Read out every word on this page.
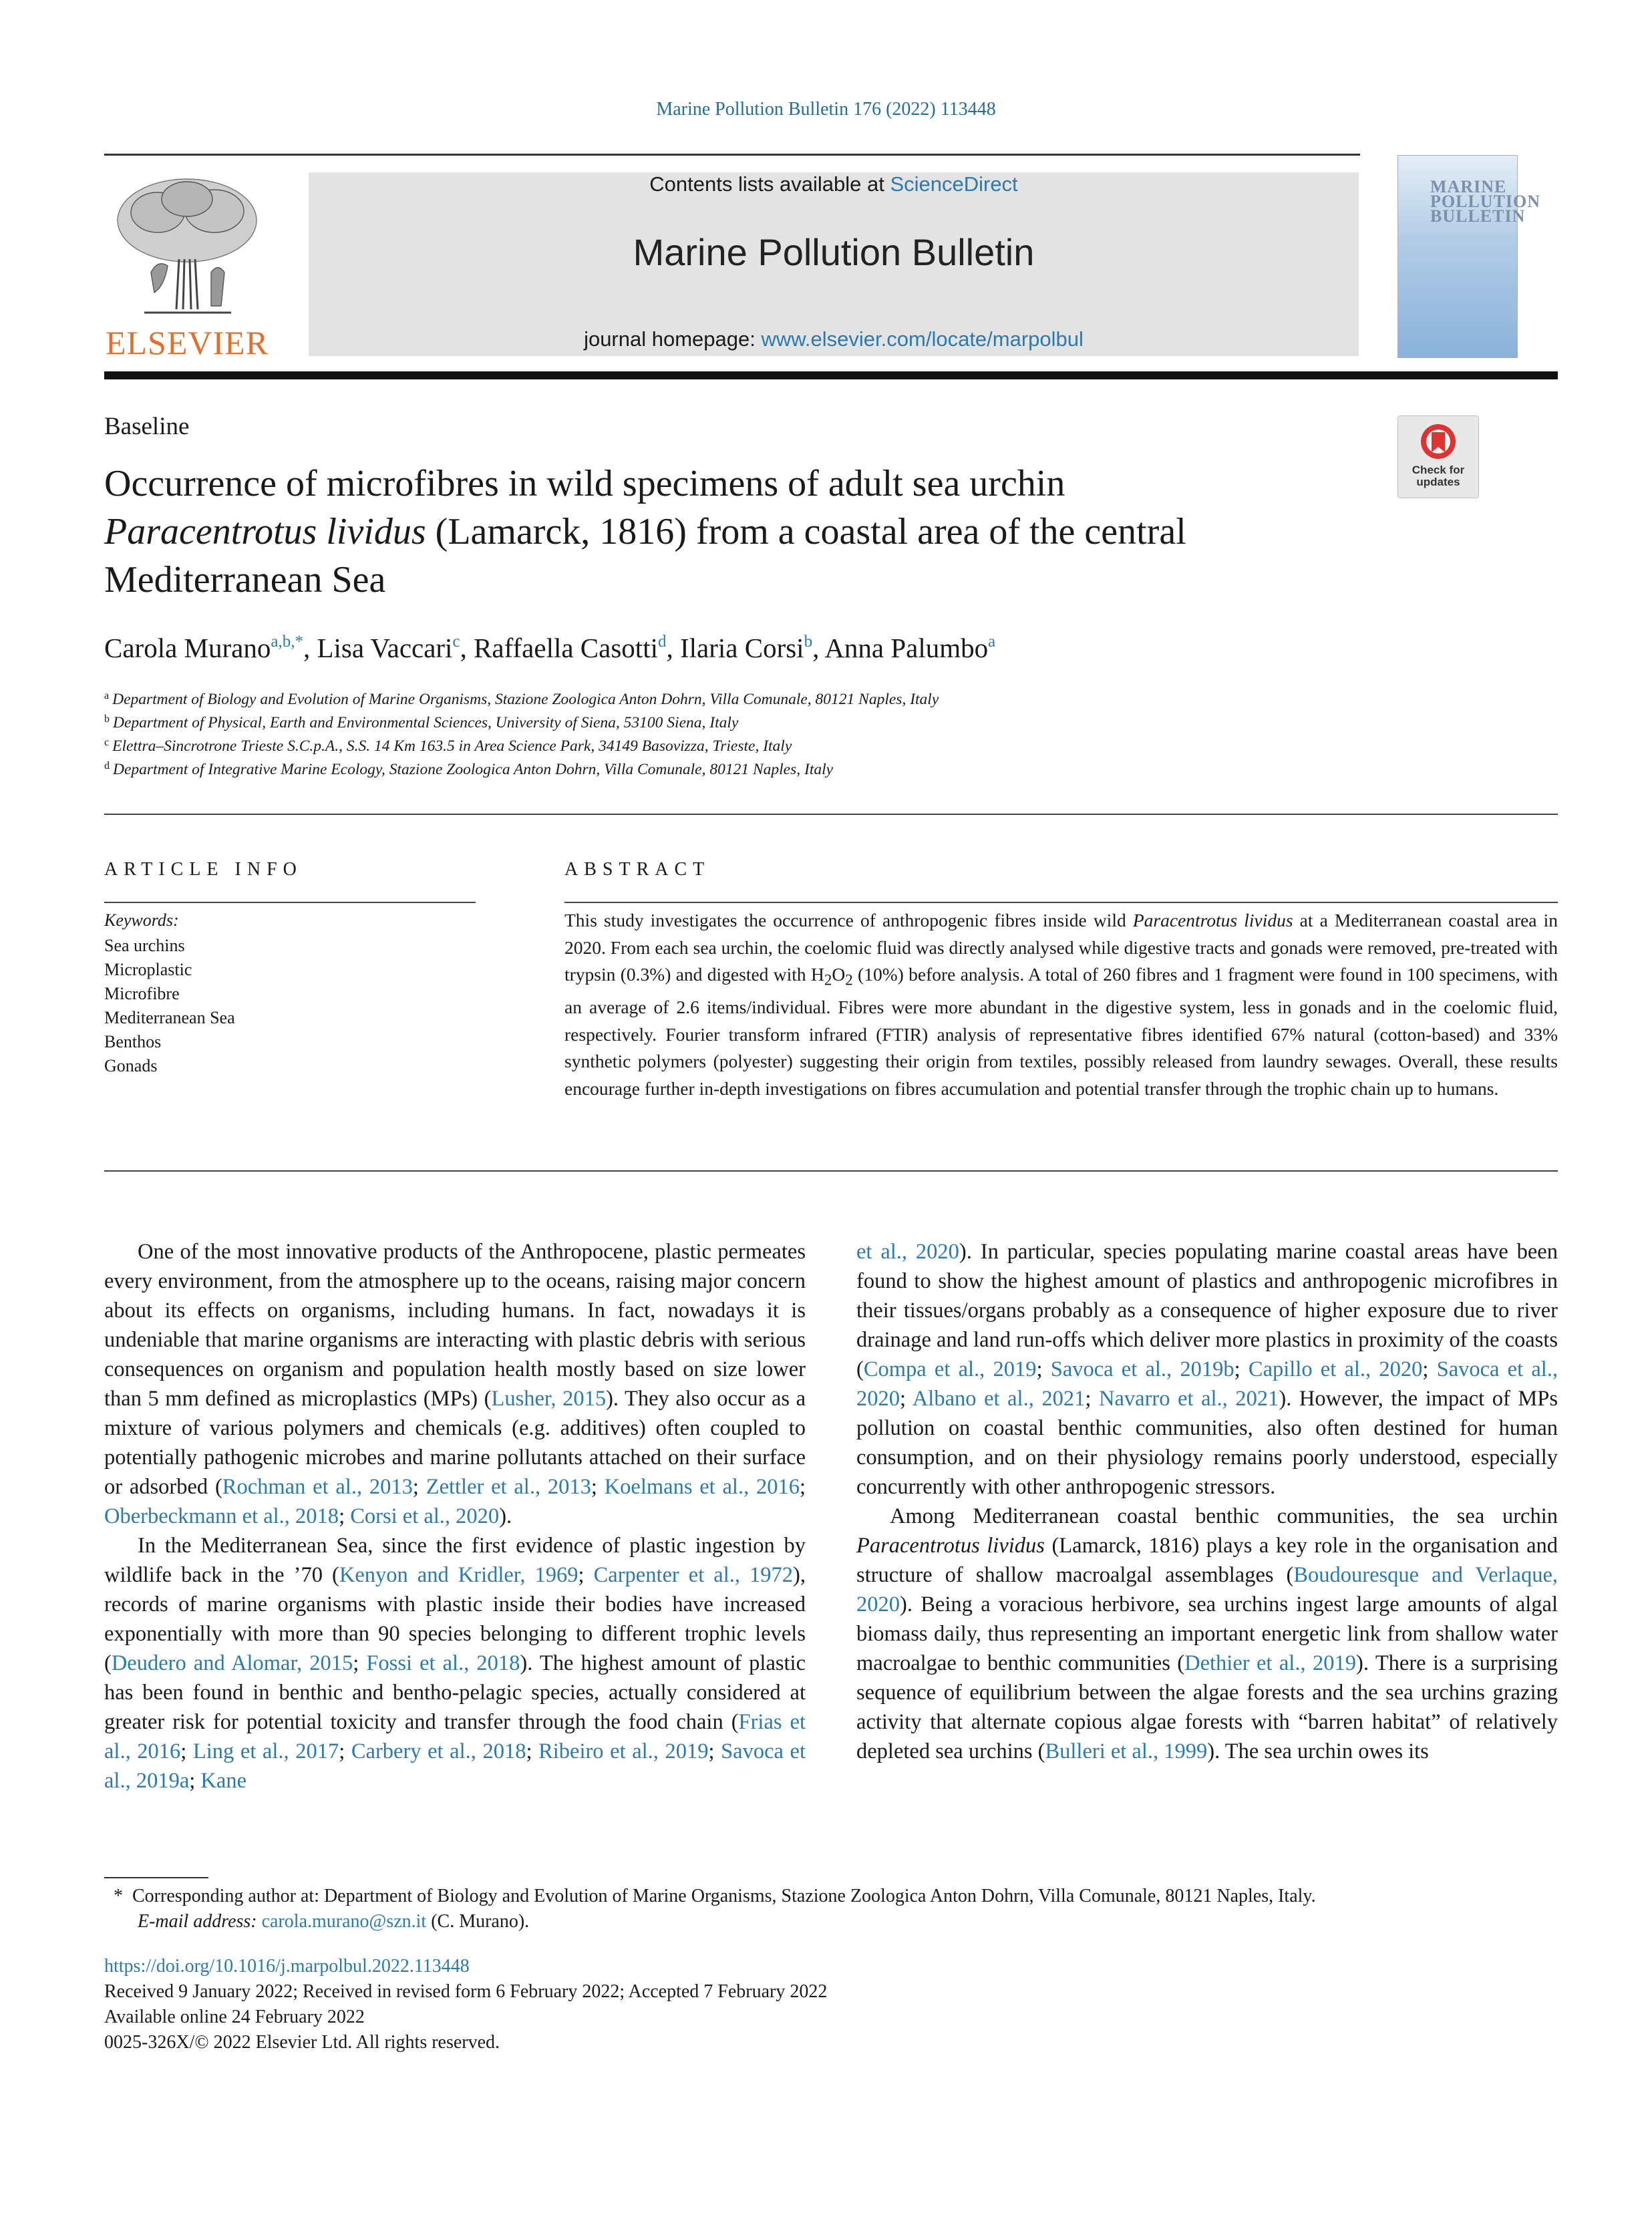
Marine Pollution Bulletin 176 (2022) 113448
ELSEVIER
Contents lists available at ScienceDirect
Marine Pollution Bulletin
journal homepage: www.elsevier.com/locate/marpolbul
MARINE POLLUTION BULLETIN
Baseline
Check for updates
Occurrence of microfibres in wild specimens of adult sea urchin
Paracentrotus lividus (Lamarck, 1816) from a coastal area of the central
Mediterranean Sea
Carola Murano$^{a,b,*}$, Lisa Vaccari$^c$, Raffaella Casotti$^d$, Ilaria Corsi$^b$, Anna Palumbo$^a$
$^a$ Department of Biology and Evolution of Marine Organisms, Stazione Zoologica Anton Dohrn, Villa Comunale, 80121 Naples, Italy
$^b$ Department of Physical, Earth and Environmental Sciences, University of Siena, 53100 Siena, Italy
$^c$ Elettra–Sincrotrone Trieste S.C.p.A., S.S. 14 Km 163.5 in Area Science Park, 34149 Basovizza, Trieste, Italy
$^d$ Department of Integrative Marine Ecology, Stazione Zoologica Anton Dohrn, Villa Comunale, 80121 Naples, Italy
ARTICLE INFO
Keywords:
Sea urchins
Microplastic
Microfibre
Mediterranean Sea
Benthos
Gonads
ABSTRACT
This study investigates the occurrence of anthropogenic fibres inside wild Paracentrotus lividus at a Mediterranean coastal area in 2020. From each sea urchin, the coelomic fluid was directly analysed while digestive tracts and gonads were removed, pre-treated with trypsin (0.3%) and digested with $H_2O_2$ (10%) before analysis. A total of 260 fibres and 1 fragment were found in 100 specimens, with an average of 2.6 items/individual. Fibres were more abundant in the digestive system, less in gonads and in the coelomic fluid, respectively. Fourier transform infrared (FTIR) analysis of representative fibres identified 67% natural (cotton-based) and 33% synthetic polymers (polyester) suggesting their origin from textiles, possibly released from laundry sewages. Overall, these results encourage further in-depth investigations on fibres accumulation and potential transfer through the trophic chain up to humans.

One of the most innovative products of the Anthropocene, plastic permeates every environment, from the atmosphere up to the oceans, raising major concern about its effects on organisms, including humans. In fact, nowadays it is undeniable that marine organisms are interacting with plastic debris with serious consequences on organism and population health mostly based on size lower than 5 mm defined as microplastics (MPs) (Lusher, 2015). They also occur as a mixture of various polymers and chemicals (e.g. additives) often coupled to potentially pathogenic microbes and marine pollutants attached on their surface or adsorbed (Rochman et al., 2013; Zettler et al., 2013; Koelmans et al., 2016; Oberbeckmann et al., 2018; Corsi et al., 2020).

In the Mediterranean Sea, since the first evidence of plastic ingestion by wildlife back in the ’70 (Kenyon and Kridler, 1969; Carpenter et al., 1972), records of marine organisms with plastic inside their bodies have increased exponentially with more than 90 species belonging to different trophic levels (Deudero and Alomar, 2015; Fossi et al., 2018). The highest amount of plastic has been found in benthic and bentho-pelagic species, actually considered at greater risk for potential toxicity and transfer through the food chain (Frias et al., 2016; Ling et al., 2017; Carbery et al., 2018; Ribeiro et al., 2019; Savoca et al., 2019a; Kane

et al., 2020). In particular, species populating marine coastal areas have been found to show the highest amount of plastics and anthropogenic microfibres in their tissues/organs probably as a consequence of higher exposure due to river drainage and land run-offs which deliver more plastics in proximity of the coasts (Compa et al., 2019; Savoca et al., 2019b; Capillo et al., 2020; Savoca et al., 2020; Albano et al., 2021; Navarro et al., 2021). However, the impact of MPs pollution on coastal benthic communities, also often destined for human consumption, and on their physiology remains poorly understood, especially concurrently with other anthropogenic stressors.

Among Mediterranean coastal benthic communities, the sea urchin Paracentrotus lividus (Lamarck, 1816) plays a key role in the organisation and structure of shallow macroalgal assemblages (Boudouresque and Verlaque, 2020). Being a voracious herbivore, sea urchins ingest large amounts of algal biomass daily, thus representing an important energetic link from shallow water macroalgae to benthic communities (Dethier et al., 2019). There is a surprising sequence of equilibrium between the algae forests and the sea urchins grazing activity that alternate copious algae forests with “barren habitat” of relatively depleted sea urchins (Bulleri et al., 1999). The sea urchin owes its

* Corresponding author at: Department of Biology and Evolution of Marine Organisms, Stazione Zoologica Anton Dohrn, Villa Comunale, 80121 Naples, Italy.
E-mail address: carola.murano@szn.it (C. Murano).
https://doi.org/10.1016/j.marpolbul.2022.113448
Received 9 January 2022; Received in revised form 6 February 2022; Accepted 7 February 2022
Available online 24 February 2022
0025-326X/© 2022 Elsevier Ltd. All rights reserved.
